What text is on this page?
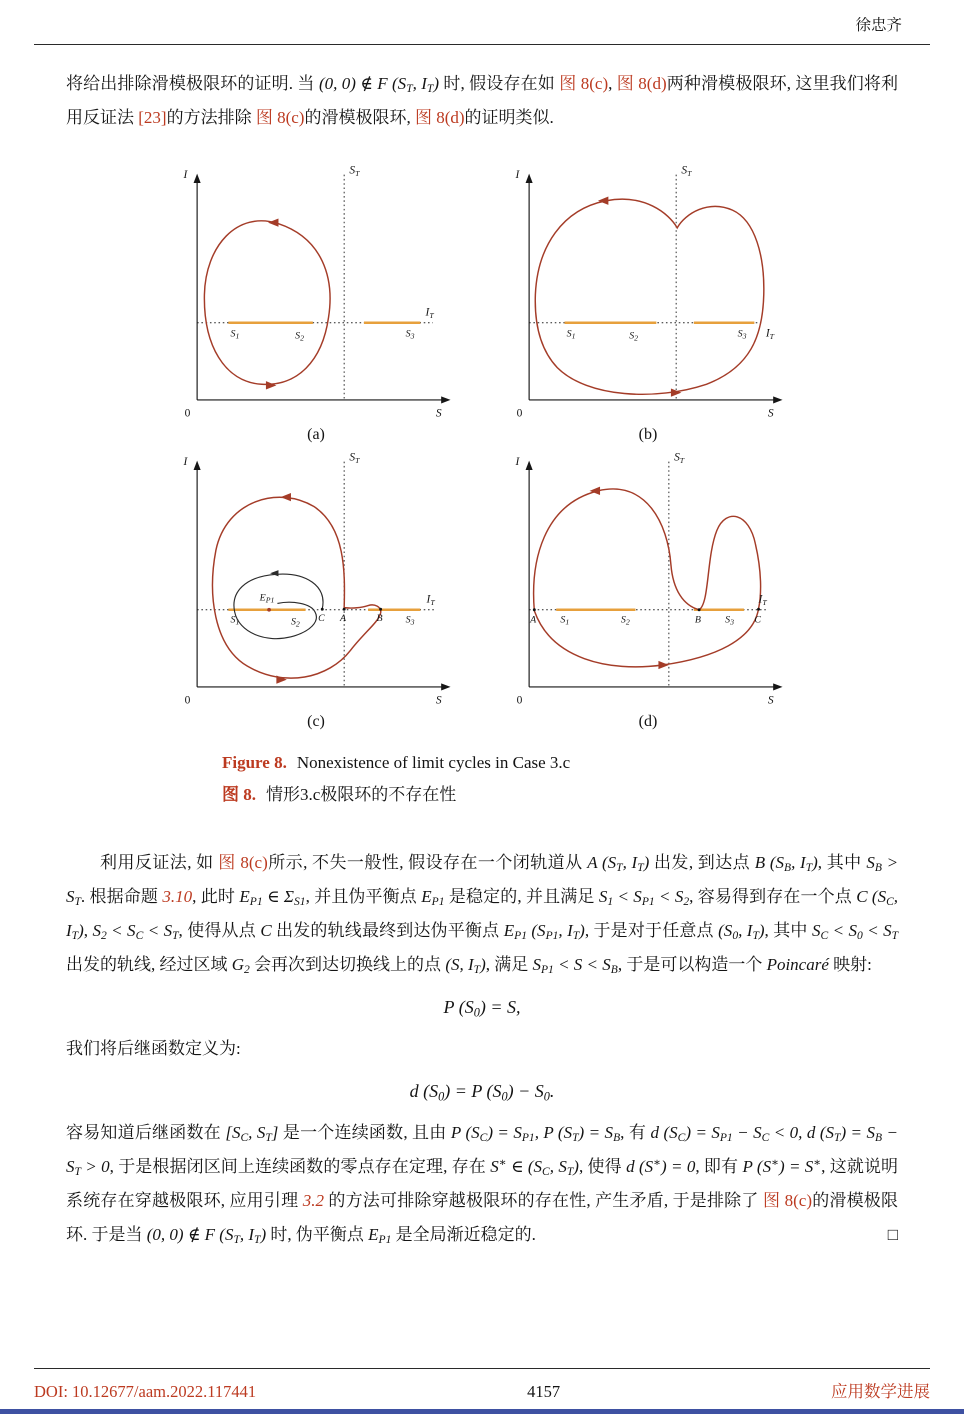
徐忠齐

将给出排除滑模极限环的证明. 当 (0, 0) ∉ F ($S_T$, $I_T$) 时, 假设存在如 图 8(c), 图 8(d)两种滑模极限环, 这里我们将利用反证法 [23]的方法排除 图 8(c)的滑模极限环, 图 8(d)的证明类似.

I
S
0
$S_T$
$I_T$
$S_1$	$S_2$	$S_3$
(a)
I
S
0
$S_T$
$I_T$
$S_1$	$S_2$	$S_3$
(b)
I
S
0
$S_T$
$I_T$
$E_{P1}$
$S_1$	$S_2$ C A	B $S_3$
(c)
I
S
0
$S_T$
$I_T$
A	$S_1$	$S_2$	B	$S_3$ C
(d)
Figure 8. Nonexistence of limit cycles in Case 3.c
图 8. 情形3.c极限环的不存在性

利用反证法, 如 图 8(c)所示, 不失一般性, 假设存在一个闭轨道从 A ($S_T$, $I_T$) 出发, 到达点 B ($S_B$, $I_T$), 其中 $S_B > S_T$. 根据命题 3.10, 此时 $E_{P1}$ ∈ $\Sigma_{S1}$, 并且伪平衡点 $E_{P1}$ 是稳定的, 并且满足 $S_1 < S_{P1} < S_2$, 容易得到存在一个点 C ($S_C$, $I_T$), $S_2 < S_C < S_T$, 使得从点 C 出发的轨线最终到达伪平衡点 $E_{P1}$ ($S_{P1}$, $I_T$), 于是对于任意点 ($S_0$, $I_T$), 其中 $S_C < S_0 < S_T$ 出发的轨线, 经过区域 $G_2$ 会再次到达切换线上的点 (S, $I_T$), 满足 $S_{P1} < S < S_B$, 于是可以构造一个 Poincaré 映射:

P $(S_0) = S$,

我们将后继函数定义为:

d $(S_0) = P$ $(S_0) - S_0$.

容易知道后继函数在 [$S_C$, $S_T$] 是一个连续函数, 且由 P $(S_C) = S_{P1}$, P $(S_T) = S_B$, 有 d $(S_C) = S_{P1} - S_C < 0$, d $(S_T) = S_B - S_T > 0$, 于是根据闭区间上连续函数的零点存在定理, 存在 S∗ ∈ ($S_C$, $S_T$), 使得 d (S∗) = 0, 即有 P (S∗) = S∗, 这就说明系统存在穿越极限环, 应用引理 3.2 的方法可排除穿越极限环的存在性, 产生矛盾, 于是排除了 图 8(c)的滑模极限环. 于是当 (0, 0) ∉ F ($S_T$, $I_T$) 时, 伪平衡点 $E_{P1}$ 是全局渐近稳定的.	□

DOI: 10.12677/aam.2022.117441	4157	应用数学进展
